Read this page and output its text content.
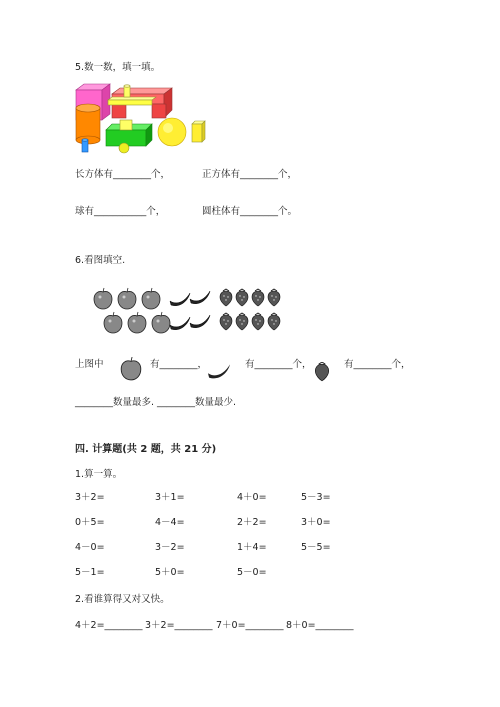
5.数一数，填一填。
长方体有________个，	正方体有________个，
球有___________个，	圆柱体有________个。
6.看图填空.
上图中	有________，	有________个，	有________个，
________数量最多. ________数量最少.
四. 计算题(共 2 题，共 21 分)
1.算一算。
3＋2=	3＋1=	4＋0=	5－3=
0＋5=	4－4=	2＋2=	3＋0=
4－0=	3－2=	1＋4=	5－5=
5－1=	5＋0=	5－0=	
2.看谁算得又对又快。
4＋2=________ 3＋2=________ 7＋0=________ 8＋0=________
